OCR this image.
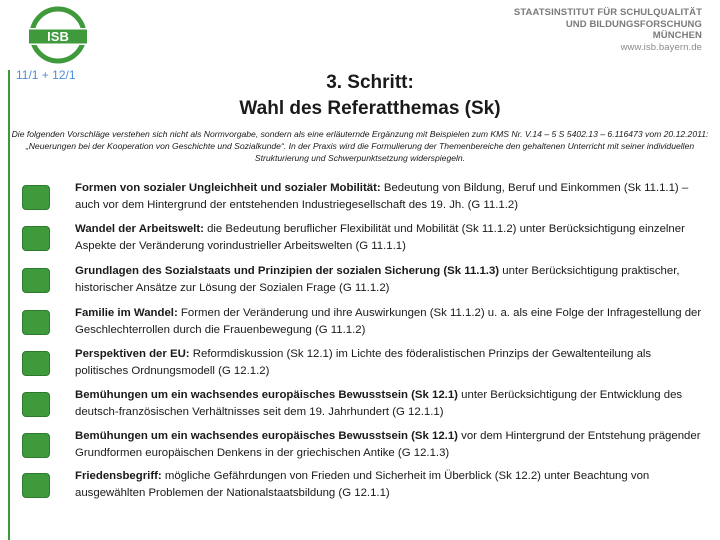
ISB
STAATSINSTITUT FÜR SCHULQUALITÄT
UND BILDUNGSFORSCHUNG
MÜNCHEN
www.isb.bayern.de
11/1 + 12/1	3. Schritt:
Wahl des Referatthemas (Sk)
Die folgenden Vorschläge verstehen sich nicht als Normvorgabe, sondern als eine erläuternde Ergänzung mit Beispielen zum KMS Nr. V.14 – 5 S 5402.13 – 6.116473 vom 20.12.2011: „Neuerungen bei der Kooperation von Geschichte und Sozialkunde“. In der Praxis wird die Formulierung der Themenbereiche den gehaltenen Unterricht mit seiner individuellen Strukturierung und Schwerpunktsetzung widerspiegeln.
Formen von sozialer Ungleichheit und sozialer Mobilität: Bedeutung von Bildung, Beruf und Einkommen (Sk 11.1.1) – auch vor dem Hintergrund der entstehenden Industriegesellschaft des 19. Jh. (G 11.1.2)
Wandel der Arbeitswelt: die Bedeutung beruflicher Flexibilität und Mobilität (Sk 11.1.2) unter Berücksichtigung einzelner Aspekte der Veränderung vorindustrieller Arbeitswelten (G 11.1.1)
Grundlagen des Sozialstaats und Prinzipien der sozialen Sicherung (Sk 11.1.3) unter Berücksichtigung praktischer, historischer Ansätze zur Lösung der Sozialen Frage (G 11.1.2)
Familie im Wandel: Formen der Veränderung und ihre Auswirkungen (Sk 11.1.2) u. a. als eine Folge der Infragestellung der Geschlechterrollen durch die Frauenbewegung (G 11.1.2)
Perspektiven der EU: Reformdiskussion (Sk 12.1) im Lichte des föderalistischen Prinzips der Gewaltenteilung als politisches Ordnungsmodell (G 12.1.2)
Bemühungen um ein wachsendes europäisches Bewusstsein (Sk 12.1) unter Berücksichtigung der Entwicklung des deutsch-französischen Verhältnisses seit dem 19. Jahrhundert (G 12.1.1)
Bemühungen um ein wachsendes europäisches Bewusstsein (Sk 12.1) vor dem Hintergrund der Entstehung prägender Grundformen europäischen Denkens in der griechischen Antike (G 12.1.3)
Friedensbegriff: mögliche Gefährdungen von Frieden und Sicherheit im Überblick (Sk 12.2) unter Beachtung von ausgewählten Problemen der Nationalstaatsbildung (G 12.1.1)
